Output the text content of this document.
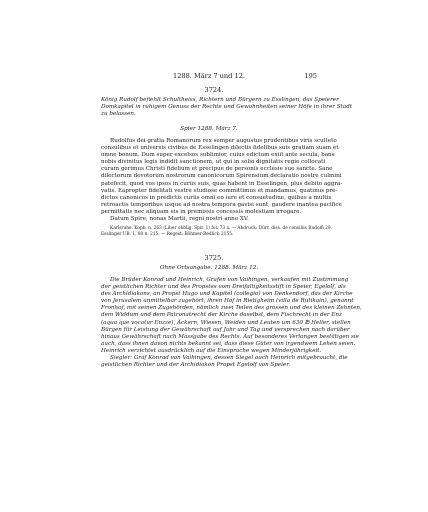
1288. März 7 und 12.	195
3724.
König Rudolf befiehlt Schultheiss, Richtern und Bürgern zu Esslingen, das Speierer
Domkapitel in ruhigem Genuss der Rechte und Gewohnheiten seiner Höfe in ihrer Stadt
zu belassen.
Spier 1288. März 7.
Rudolfus dei gratia Romanorum rex semper augustus prudentibus viris sculteto
consulibus et universis civibus de Esselingen dilectis fidelibus suis gratiam suam et
omne bonum. Dum super excelsos sublimior, cuius edictum exiit ante secula, bane
nobis divinitus legis indidit sanctionem, ut qui in solio dignitatis regie collocati
curam gerimus Christi fidelium et precipue de personis ecclesie sue sancte. Sane
dilectorum devotorum nostrorum canonicorum Spirensium declaratio nostre culmini
patefecit, quod vos ipsos in curiis suis, quas habent in Esselingen, plus debito aggra-
vatis. Eapropter fidelitati vestre studiose committimus et mandamus, quatinus pre-
dictos canonicos in predictis curiis omni eo iure et consuetudine, quibus a multis
retroactis temporibus usque ad nostra tempora gavisi sunt, gaudere inantea pacifice
permittatis nec aliquam eis in premissis concessis molestiam irrogare.
Datum Spire, nonas Martii, regni nostri anno XV.
Karlsruhe. Kopb. n. 263 (Liber obblig. Spir. 1) fol. 73 a. — Abdruck: Dürr, diss. de consiliis Rudolfi 29.
Esslinger UB. 1, 80 n. 215. — Regest: Böhmer-Redlich 2155.
3725.
Ohne Ortsangabe. 1288. März 12.
Die Brüder Konrad und Heinrich, Grafen von Vaihingen, verkaufen mit Zustimmung
der geistlichen Richter und des Propstes vom Dreifaltigkeitsstift in Speier, Egelolf, als
des Archidiakons, an Propst Hugo und Kapitel (collegio) von Denkendorf, das der Kirche
von Jerusalem unmittelbar zugehört, ihren Hof in Rietigheim (villa de Rutikain), genannt
Fronhof, mit seinen Zugehörden, nämlich zwei Teilen des grossen und des kleinen Zehnten,
dem Widdum und dem Patronatrecht der Kirche daselbst, dem Fischrecht in der Enz
(aqua que vocatur Enzze), Äckern, Wiesen, Weiden und Leuten um 630 ℔ Heller, stellen
Bürgen für Leistung der Gewährschaft auf Jahr und Tag und versprechen nach darüber
hinaus Gewährschaft nach Massgabe des Rechts. Auf besonderes Verlangen bestätigen sie
auch, dass ihnen davon nichts bekannt sei, dass diese Güter von irgendwem Lehen seien.
Heinrich verzichtet ausdrücklich auf die Einsprache wegen Minderjährigkeit.
Siegler: Graf Konrad von Vaihingen, dessen Siegel auch Heinrich mitgebraucht, die
geistlichen Richter und der Archidiakon Propst Egelolf von Speier.
